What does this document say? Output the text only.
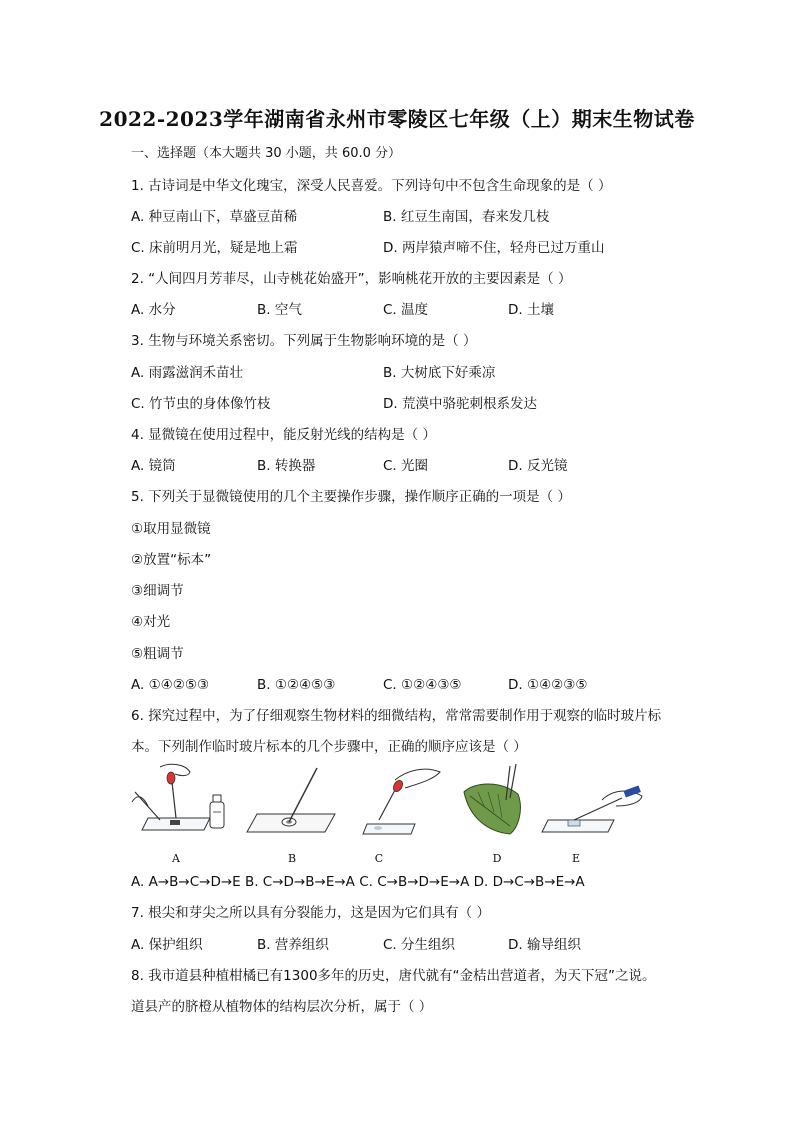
2022-2023学年湖南省永州市零陵区七年级（上）期末生物试卷
一、选择题（本大题共 30 小题，共 60.0 分）
1. 古诗词是中华文化瑰宝，深受人民喜爱。下列诗句中不包含生命现象的是（ ）
A. 种豆南山下，草盛豆苗稀	B. 红豆生南国，春来发几枝
C. 床前明月光，疑是地上霜	D. 两岸猿声啼不住，轻舟已过万重山
2. “人间四月芳菲尽，山寺桃花始盛开”，影响桃花开放的主要因素是（ ）
A. 水分	B. 空气	C. 温度	D. 土壤
3. 生物与环境关系密切。下列属于生物影响环境的是（ ）
A. 雨露滋润禾苗壮	B. 大树底下好乘凉
C. 竹节虫的身体像竹枝	D. 荒漠中骆驼刺根系发达
4. 显微镜在使用过程中，能反射光线的结构是（ ）
A. 镜筒	B. 转换器	C. 光圈	D. 反光镜
5. 下列关于显微镜使用的几个主要操作步骤，操作顺序正确的一项是（ ）
①取用显微镜
②放置“标本”
③细调节
④对光
⑤粗调节
A. ①④②⑤③	B. ①②④⑤③	C. ①②④③⑤	D. ①④②③⑤
6. 探究过程中，为了仔细观察生物材料的细微结构，常常需要制作用于观察的临时玻片标
本。下列制作临时玻片标本的几个步骤中，正确的顺序应该是（ ）
A	B	C	D	E
A. A→B→C→D→E B. C→D→B→E→A C. C→B→D→E→A D. D→C→B→E→A
7. 根尖和芽尖之所以具有分裂能力，这是因为它们具有（ ）
A. 保护组织	B. 营养组织	C. 分生组织	D. 输导组织
8. 我市道县种植柑橘已有1300多年的历史，唐代就有“金桔出营道者，为天下冠”之说。
道县产的脐橙从植物体的结构层次分析，属于（ ）
